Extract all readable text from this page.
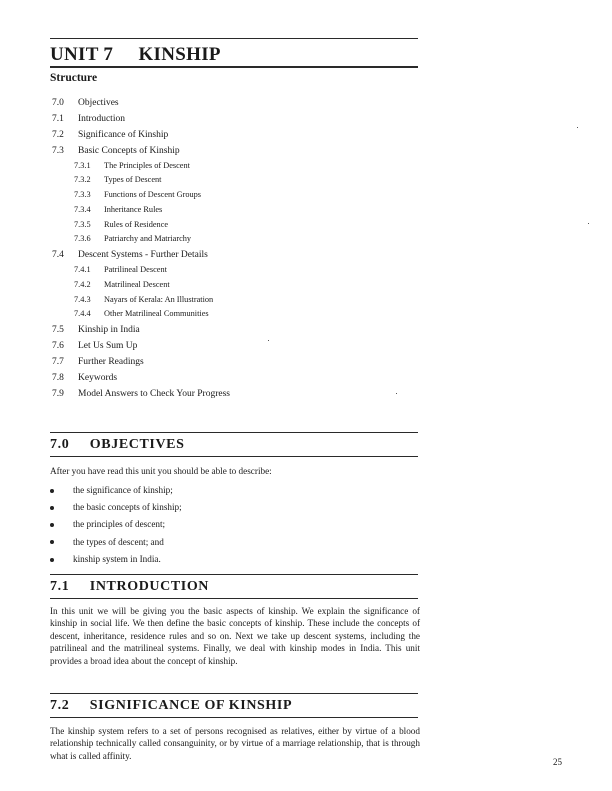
UNIT 7     KINSHIP
Structure
7.0 Objectives
7.1 Introduction
7.2 Significance of Kinship
7.3 Basic Concepts of Kinship
7.3.1 The Principles of Descent
7.3.2 Types of Descent
7.3.3 Functions of Descent Groups
7.3.4 Inheritance Rules
7.3.5 Rules of Residence
7.3.6 Patriarchy and Matriarchy
7.4 Descent Systems - Further Details
7.4.1 Patrilineal Descent
7.4.2 Matrilineal Descent
7.4.3 Nayars of Kerala: An Illustration
7.4.4 Other Matrilineal Communities
7.5 Kinship in India
7.6 Let Us Sum Up
7.7 Further Readings
7.8 Keywords
7.9 Model Answers to Check Your Progress
7.0     OBJECTIVES
After you have read this unit you should be able to describe:
the significance of kinship;
the basic concepts of kinship;
the principles of descent;
the types of descent; and
kinship system in India.
7.1     INTRODUCTION
In this unit we will be giving you the basic aspects of kinship. We explain the significance of kinship in social life. We then define the basic concepts of kinship. These include the concepts of descent, inheritance, residence rules and so on. Next we take up descent systems, including the patrilineal and the matrilineal systems. Finally, we deal with kinship modes in India. This unit provides a broad idea about the concept of kinship.
7.2     SIGNIFICANCE OF KINSHIP
The kinship system refers to a set of persons recognised as relatives, either by virtue of a blood relationship technically called consanguinity, or by virtue of a marriage relationship, that is through what is called affinity.
25
